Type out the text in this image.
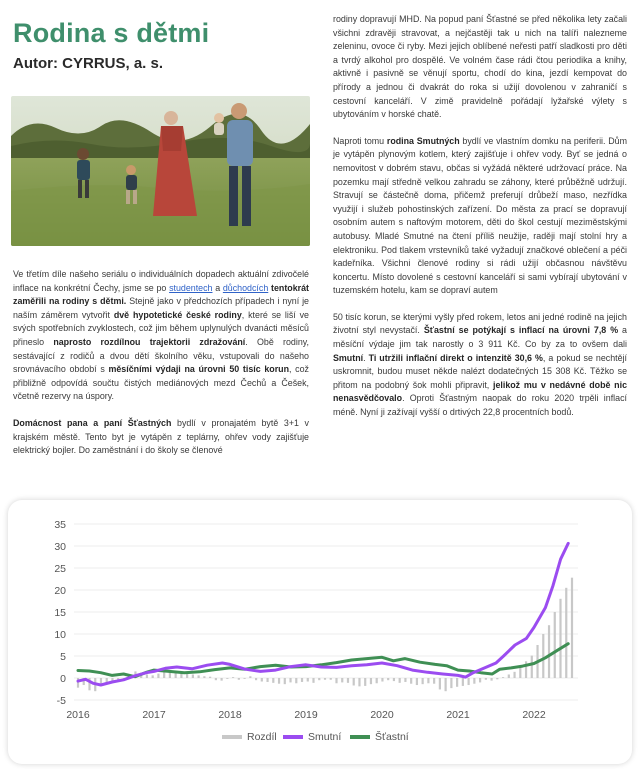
Rodina s dětmi
Autor: CYRRUS, a. s.

Ve třetím díle našeho seriálu o individuálních dopadech aktuální zdivočelé inflace na konkrétní Čechy, jsme se po studentech a důchodcích tentokrát zaměřili na rodiny s dětmi. Stejně jako v předchozích případech i nyní je naším záměrem vytvořit dvě hypotetické české rodiny, které se liší ve svých spotřebních zvyklostech, což jim během uplynulých dvanácti měsíců přineslo naprosto rozdílnou trajektorii zdražování. Obě rodiny, sestávající z rodičů a dvou dětí školního věku, vstupovali do našeho srovnávacího období s měsíčními výdaji na úrovni 50 tisíc korun, což přibližně odpovídá součtu čistých mediánových mezd Čechů a Češek, včetně rezervy na úspory.

Domácnost pana a paní Šťastných bydlí v pronajatém bytě 3+1 v krajském městě. Tento byt je vytápěn z teplárny, ohřev vody zajišťuje elektrický bojler. Do zaměstnání i do školy se členové

rodiny dopravují MHD. Na popud paní Šťastné se před několika lety začali všichni zdravěji stravovat, a nejčastěji tak u nich na talíři nalezneme zeleninu, ovoce či ryby. Mezi jejich oblíbené neřesti patří sladkosti pro děti a tvrdý alkohol pro dospělé. Ve volném čase rádi čtou periodika a knihy, aktivně i pasivně se věnují sportu, chodí do kina, jezdí kempovat do přírody a jednou či dvakrát do roka si užijí dovolenou v zahraničí s cestovní kanceláří. V zimě pravidelně pořádají lyžařské výlety s ubytováním v horské chatě.

Naproti tomu rodina Smutných bydlí ve vlastním domku na periferii. Dům je vytápěn plynovým kotlem, který zajišťuje i ohřev vody. Byť se jedná o nemovitost v dobrém stavu, občas si vyžádá některé udržovací práce. Na pozemku mají středně velkou zahradu se záhony, které průběžně udržují. Stravují se částečně doma, přičemž preferují drůbeží maso, nezřídka využijí i služeb pohostinských zařízení. Do města za prací se dopravují osobním autem s naftovým motorem, děti do škol cestují meziměstskými autobusy. Mladé Smutné na čtení příliš neužije, raději mají stolní hry a elektroniku. Pod tlakem vrstevníků také vyžadují značkové oblečení a péči kadeřníka. Všichni členové rodiny si rádi užijí občasnou návštěvu koncertu. Místo dovolené s cestovní kanceláří si sami vybírají ubytování v tuzemském hotelu, kam se dopraví autem

50 tisíc korun, se kterými vyšly před rokem, letos ani jedné rodině na jejich životní styl nevystačí. Šťastní se potýkají s inflací na úrovni 7,8 % a měsíční výdaje jim tak narostly o 3 911 Kč. Co by za to ovšem dali Smutní. Ti utržili inflační direkt o intenzitě 30,6 %, a pokud se nechtějí uskromnit, budou muset někde nalézt dodatečných 15 308 Kč. Těžko se přitom na podobný šok mohli připravit, jelikož mu v nedávné době nic nenasvědčovalo. Oproti Šťastným naopak do roku 2020 trpěli inflací méně. Nyní ji zažívají vyšší o drtivých 22,8 procentních bodů.

35
30
25
20
15
10
5
0
-5
2016	2017	2018	2019	2020	2021	2022
Rozdíl	Smutní	Šťastní
